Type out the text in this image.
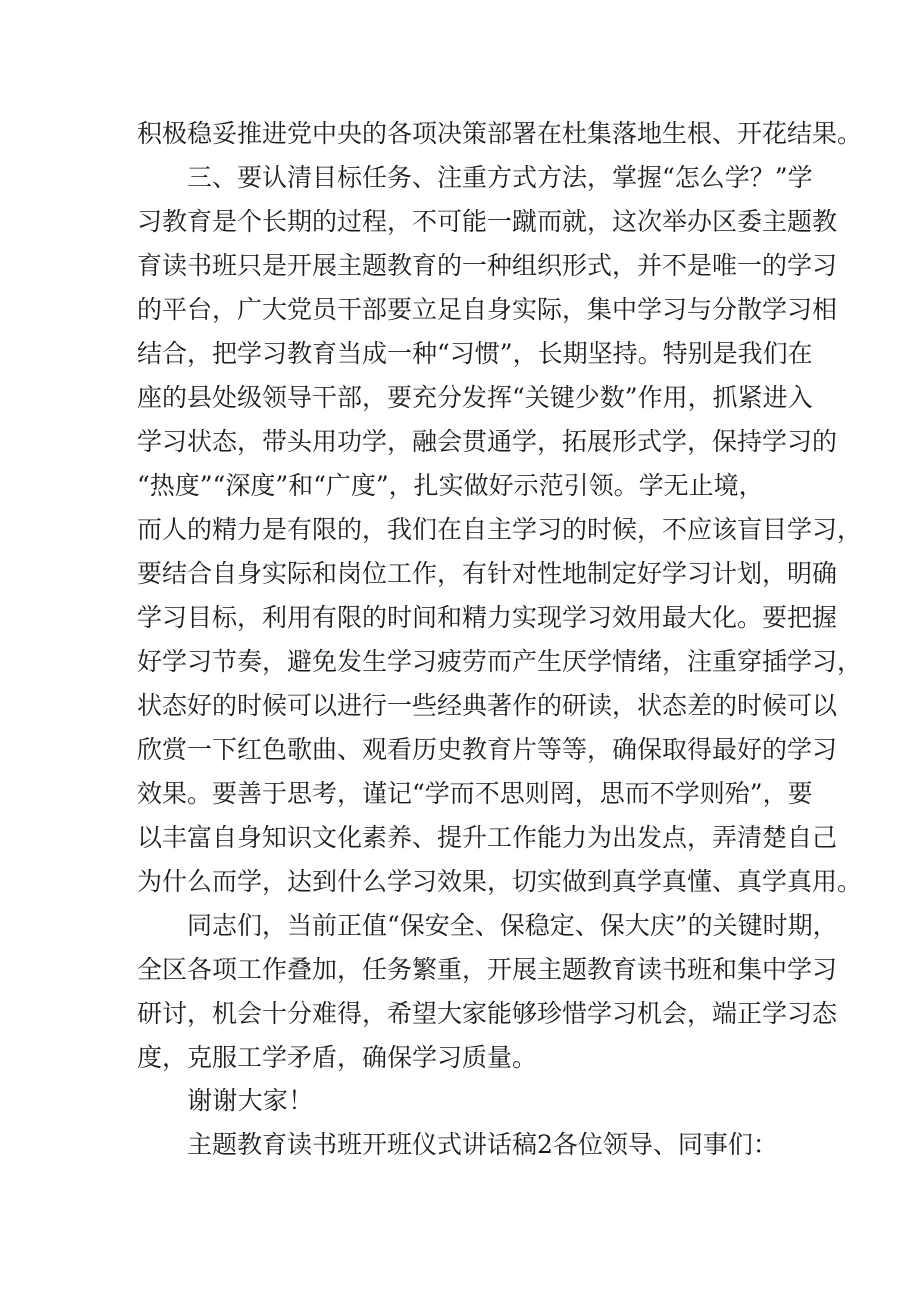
积极稳妥推进党中央的各项决策部署在杜集落地生根、开花结果。

三、要认清目标任务、注重方式方法，掌握“怎么学？”学

习教育是个长期的过程，不可能一蹴而就，这次举办区委主题教

育读书班只是开展主题教育的一种组织形式，并不是唯一的学习

的平台，广大党员干部要立足自身实际，集中学习与分散学习相

结合，把学习教育当成一种“习惯”，长期坚持。特别是我们在

座的县处级领导干部，要充分发挥“关键少数”作用，抓紧进入

学习状态，带头用功学，融会贯通学，拓展形式学，保持学习的

“热度”“深度”和“广度”，扎实做好示范引领。学无止境，

而人的精力是有限的，我们在自主学习的时候，不应该盲目学习，

要结合自身实际和岗位工作，有针对性地制定好学习计划，明确

学习目标，利用有限的时间和精力实现学习效用最大化。要把握

好学习节奏，避免发生学习疲劳而产生厌学情绪，注重穿插学习，

状态好的时候可以进行一些经典著作的研读，状态差的时候可以

欣赏一下红色歌曲、观看历史教育片等等，确保取得最好的学习

效果。要善于思考，谨记“学而不思则罔，思而不学则殆”，要

以丰富自身知识文化素养、提升工作能力为出发点，弄清楚自己

为什么而学，达到什么学习效果，切实做到真学真懂、真学真用。

同志们，当前正值“保安全、保稳定、保大庆”的关键时期，

全区各项工作叠加，任务繁重，开展主题教育读书班和集中学习

研讨，机会十分难得，希望大家能够珍惜学习机会，端正学习态

度，克服工学矛盾，确保学习质量。

谢谢大家！

主题教育读书班开班仪式讲话稿2各位领导、同事们：
